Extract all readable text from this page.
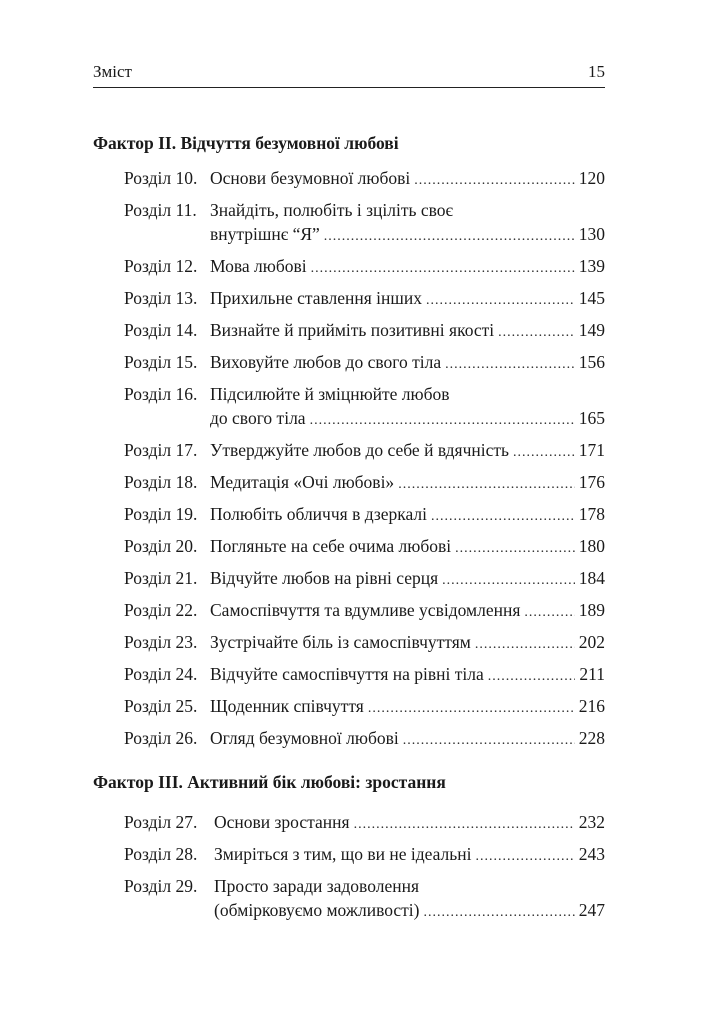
Зміст	15
Фактор ІІ. Відчуття безумовної любові
Розділ 10. Основи безумовної любові .....	120
Розділ 11. Знайдіть, полюбіть і зціліть своє
внутрішнє “Я” .....	130
Розділ 12. Мова любові .....	139
Розділ 13. Прихильне ставлення інших .....	145
Розділ 14. Визнайте й прийміть позитивні якості .....	149
Розділ 15. Виховуйте любов до свого тіла .....	156
Розділ 16. Підсилюйте й зміцнюйте любов
до свого тіла .....	165
Розділ 17. Утверджуйте любов до себе й вдячність .....	171
Розділ 18. Медитація «Очі любові» .....	176
Розділ 19. Полюбіть обличчя в дзеркалі .....	178
Розділ 20. Погляньте на себе очима любові .....	180
Розділ 21. Відчуйте любов на рівні серця .....	184
Розділ 22. Самоспівчуття та вдумливе усвідомлення .....	189
Розділ 23. Зустрічайте біль із самоспівчуттям .....	202
Розділ 24. Відчуйте самоспівчуття на рівні тіла .....	211
Розділ 25. Щоденник співчуття .....	216
Розділ 26. Огляд безумовної любові .....	228
Фактор ІІІ. Активний бік любові: зростання
Розділ 27. Основи зростання .....	232
Розділ 28. Змиріться з тим, що ви не ідеальні .....	243
Розділ 29. Просто заради задоволення
(обмірковуємо можливості) .....	247
